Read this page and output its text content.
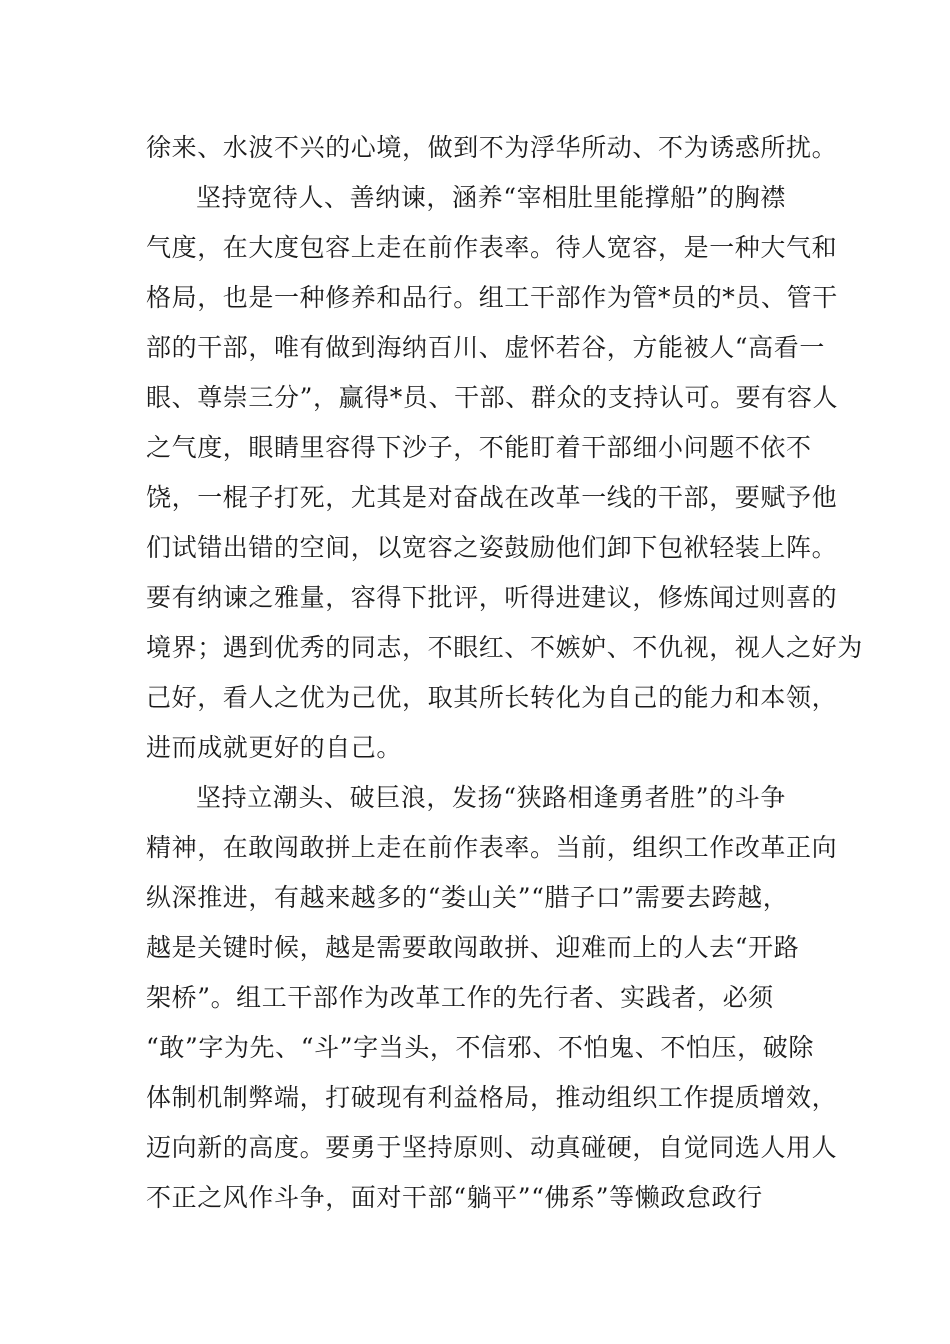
徐来、水波不兴的心境，做到不为浮华所动、不为诱惑所扰。
坚持宽待人、善纳谏，涵养“宰相肚里能撑船”的胸襟
气度，在大度包容上走在前作表率。待人宽容，是一种大气和
格局，也是一种修养和品行。组工干部作为管*员的*员、管干
部的干部，唯有做到海纳百川、虚怀若谷，方能被人“高看一
眼、尊崇三分”，赢得*员、干部、群众的支持认可。要有容人
之气度，眼睛里容得下沙子，不能盯着干部细小问题不依不
饶，一棍子打死，尤其是对奋战在改革一线的干部，要赋予他
们试错出错的空间，以宽容之姿鼓励他们卸下包袱轻装上阵。
要有纳谏之雅量，容得下批评，听得进建议，修炼闻过则喜的
境界；遇到优秀的同志，不眼红、不嫉妒、不仇视，视人之好为
己好，看人之优为己优，取其所长转化为自己的能力和本领，
进而成就更好的自己。
坚持立潮头、破巨浪，发扬“狭路相逢勇者胜”的斗争
精神，在敢闯敢拼上走在前作表率。当前，组织工作改革正向
纵深推进，有越来越多的“娄山关”“腊子口”需要去跨越，
越是关键时候，越是需要敢闯敢拼、迎难而上的人去“开路
架桥”。组工干部作为改革工作的先行者、实践者，必须
“敢”字为先、“斗”字当头，不信邪、不怕鬼、不怕压，破除
体制机制弊端，打破现有利益格局，推动组织工作提质增效，
迈向新的高度。要勇于坚持原则、动真碰硬，自觉同选人用人
不正之风作斗争，面对干部“躺平”“佛系”等懒政怠政行
